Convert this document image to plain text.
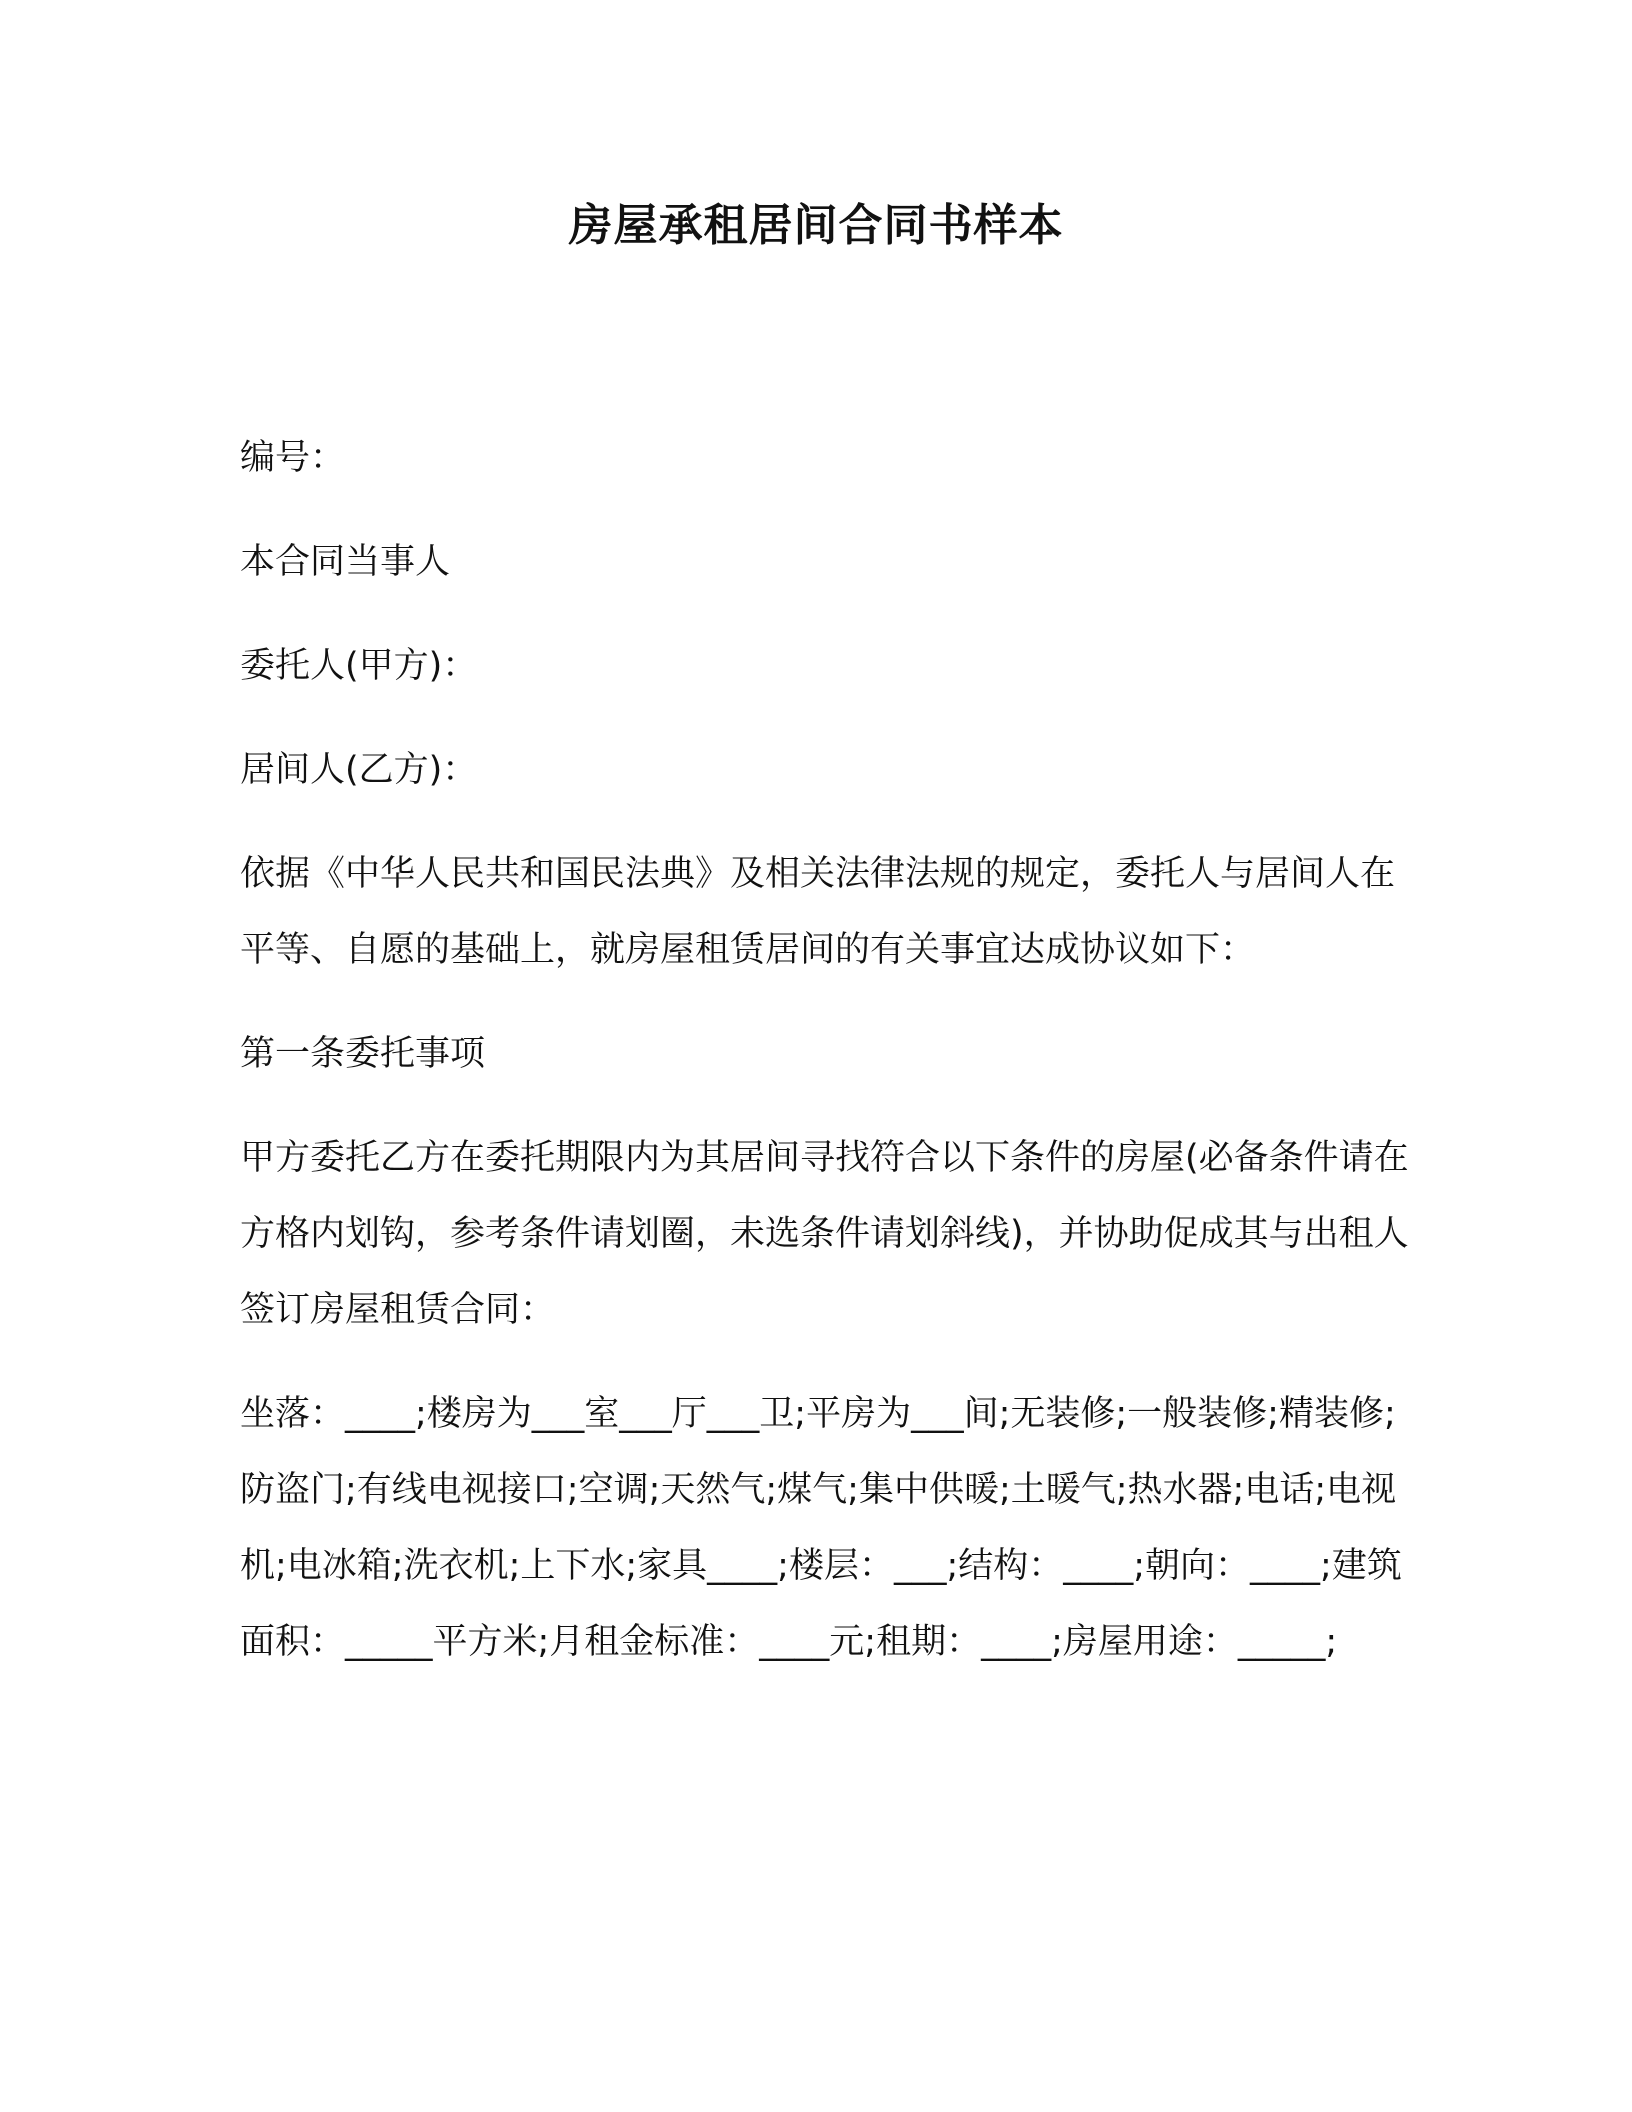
房屋承租居间合同书样本

编号：

本合同当事人

委托人(甲方)：

居间人(乙方)：

依据《中华人民共和国民法典》及相关法律法规的规定，委托人与居间人在平等、自愿的基础上，就房屋租赁居间的有关事宜达成协议如下：

第一条委托事项

甲方委托乙方在委托期限内为其居间寻找符合以下条件的房屋(必备条件请在方格内划钩，参考条件请划圈，未选条件请划斜线)，并协助促成其与出租人签订房屋租赁合同：

坐落：____;楼房为___室___厅___卫;平房为___间;无装修;一般装修;精装修;防盗门;有线电视接口;空调;天然气;煤气;集中供暖;土暖气;热水器;电话;电视机;电冰箱;洗衣机;上下水;家具____;楼层：___;结构：____;朝向：____;建筑面积：_____平方米;月租金标准：____元;租期：____;房屋用途：_____;
